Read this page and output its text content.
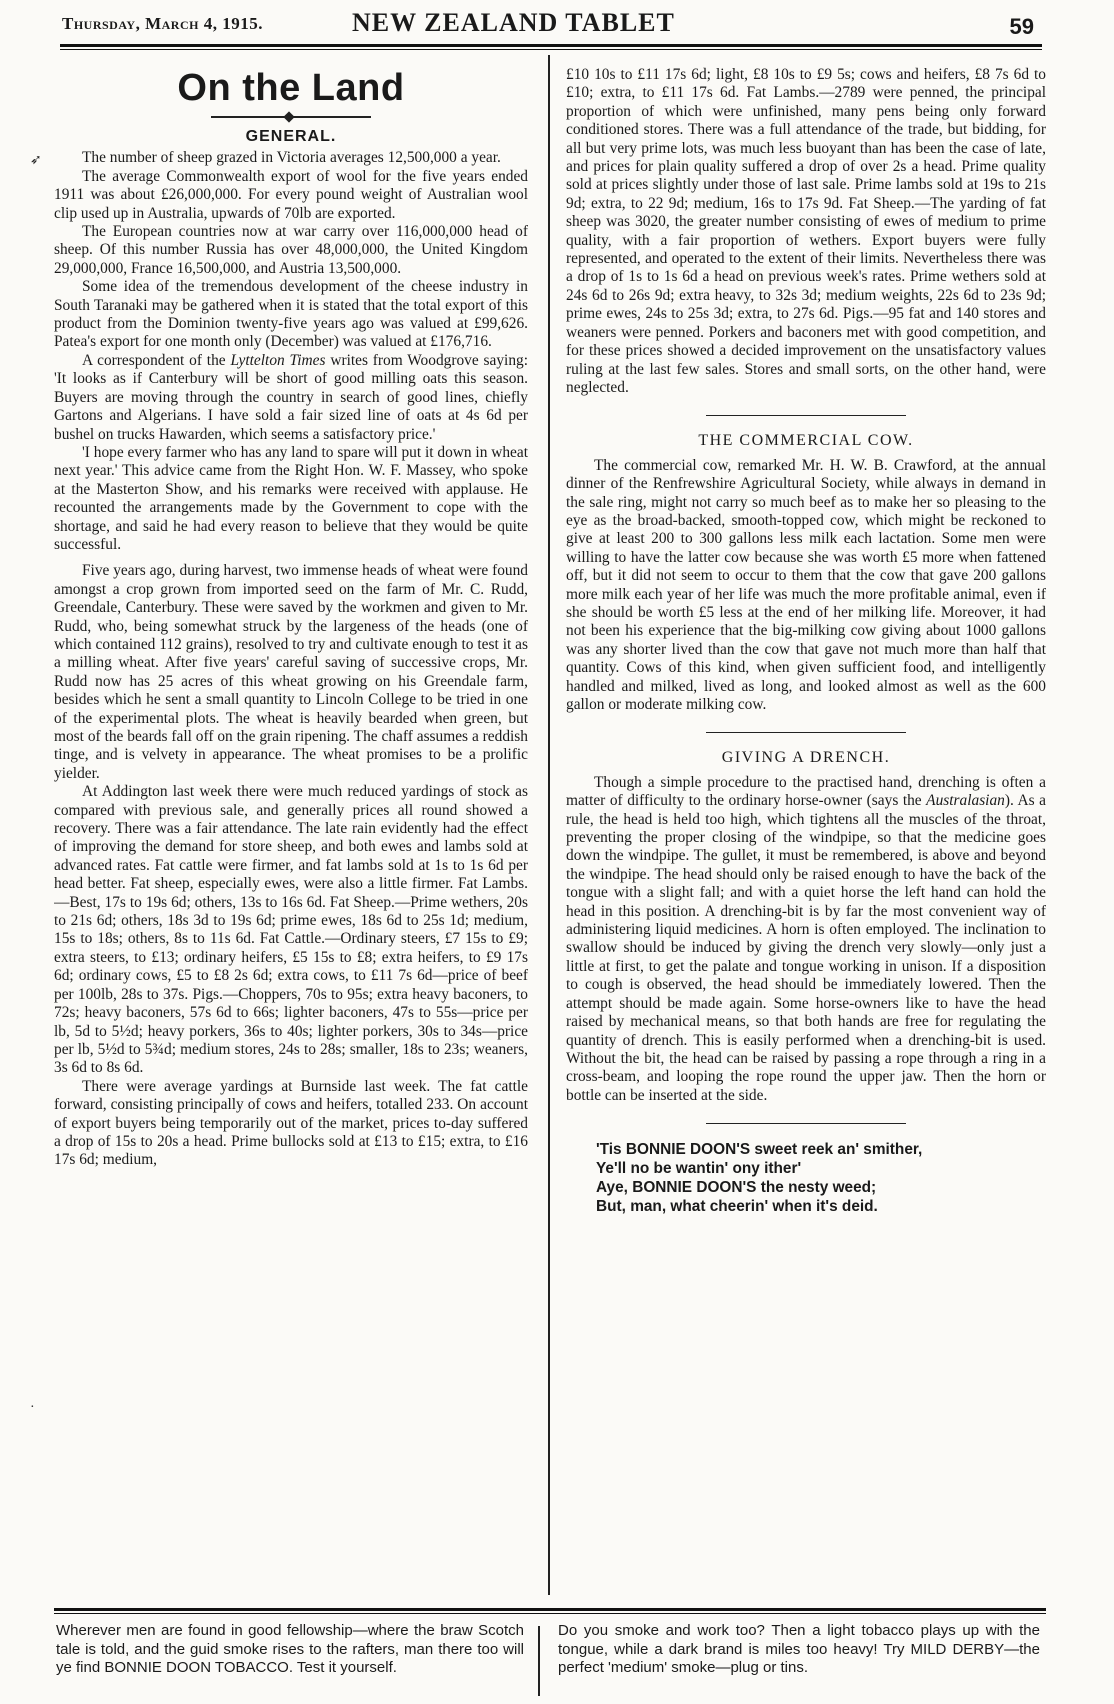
Thursday, March 4, 1915.	NEW ZEALAND TABLET	59
On the Land
GENERAL.

The number of sheep grazed in Victoria averages 12,500,000 a year.

The average Commonwealth export of wool for the five years ended 1911 was about £26,000,000. For every pound weight of Australian wool clip used up in Australia, upwards of 70lb are exported.

The European countries now at war carry over 116,000,000 head of sheep. Of this number Russia has over 48,000,000, the United Kingdom 29,000,000, France 16,500,000, and Austria 13,500,000.

Some idea of the tremendous development of the cheese industry in South Taranaki may be gathered when it is stated that the total export of this product from the Dominion twenty-five years ago was valued at £99,626. Patea's export for one month only (December) was valued at £176,716.

A correspondent of the Lyttelton Times writes from Woodgrove saying: 'It looks as if Canterbury will be short of good milling oats this season. Buyers are moving through the country in search of good lines, chiefly Gartons and Algerians. I have sold a fair sized line of oats at 4s 6d per bushel on trucks Hawarden, which seems a satisfactory price.'

'I hope every farmer who has any land to spare will put it down in wheat next year.' This advice came from the Right Hon. W. F. Massey, who spoke at the Masterton Show, and his remarks were received with applause. He recounted the arrangements made by the Government to cope with the shortage, and said he had every reason to believe that they would be quite successful.

Five years ago, during harvest, two immense heads of wheat were found amongst a crop grown from imported seed on the farm of Mr. C. Rudd, Greendale, Canterbury. These were saved by the workmen and given to Mr. Rudd, who, being somewhat struck by the largeness of the heads (one of which contained 112 grains), resolved to try and cultivate enough to test it as a milling wheat. After five years' careful saving of successive crops, Mr. Rudd now has 25 acres of this wheat growing on his Greendale farm, besides which he sent a small quantity to Lincoln College to be tried in one of the experimental plots. The wheat is heavily bearded when green, but most of the beards fall off on the grain ripening. The chaff assumes a reddish tinge, and is velvety in appearance. The wheat promises to be a prolific yielder.

At Addington last week there were much reduced yardings of stock as compared with previous sale, and generally prices all round showed a recovery. There was a fair attendance. The late rain evidently had the effect of improving the demand for store sheep, and both ewes and lambs sold at advanced rates. Fat cattle were firmer, and fat lambs sold at 1s to 1s 6d per head better. Fat sheep, especially ewes, were also a little firmer. Fat Lambs.—Best, 17s to 19s 6d; others, 13s to 16s 6d. Fat Sheep.—Prime wethers, 20s to 21s 6d; others, 18s 3d to 19s 6d; prime ewes, 18s 6d to 25s 1d; medium, 15s to 18s; others, 8s to 11s 6d. Fat Cattle.—Ordinary steers, £7 15s to £9; extra steers, to £13; ordinary heifers, £5 15s to £8; extra heifers, to £9 17s 6d; ordinary cows, £5 to £8 2s 6d; extra cows, to £11 7s 6d—price of beef per 100lb, 28s to 37s. Pigs.—Choppers, 70s to 95s; extra heavy baconers, to 72s; heavy baconers, 57s 6d to 66s; lighter baconers, 47s to 55s—price per lb, 5d to 5½d; heavy porkers, 36s to 40s; lighter porkers, 30s to 34s—price per lb, 5½d to 5¾d; medium stores, 24s to 28s; smaller, 18s to 23s; weaners, 3s 6d to 8s 6d.

There were average yardings at Burnside last week. The fat cattle forward, consisting principally of cows and heifers, totalled 233. On account of export buyers being temporarily out of the market, prices to-day suffered a drop of 15s to 20s a head. Prime bullocks sold at £13 to £15; extra, to £16 17s 6d; medium,

£10 10s to £11 17s 6d; light, £8 10s to £9 5s; cows and heifers, £8 7s 6d to £10; extra, to £11 17s 6d. Fat Lambs.—2789 were penned, the principal proportion of which were unfinished, many pens being only forward conditioned stores. There was a full attendance of the trade, but bidding, for all but very prime lots, was much less buoyant than has been the case of late, and prices for plain quality suffered a drop of over 2s a head. Prime quality sold at prices slightly under those of last sale. Prime lambs sold at 19s to 21s 9d; extra, to 22 9d; medium, 16s to 17s 9d. Fat Sheep.—The yarding of fat sheep was 3020, the greater number consisting of ewes of medium to prime quality, with a fair proportion of wethers. Export buyers were fully represented, and operated to the extent of their limits. Nevertheless there was a drop of 1s to 1s 6d a head on previous week's rates. Prime wethers sold at 24s 6d to 26s 9d; extra heavy, to 32s 3d; medium weights, 22s 6d to 23s 9d; prime ewes, 24s to 25s 3d; extra, to 27s 6d. Pigs.—95 fat and 140 stores and weaners were penned. Porkers and baconers met with good competition, and for these prices showed a decided improvement on the unsatisfactory values ruling at the last few sales. Stores and small sorts, on the other hand, were neglected.

THE COMMERCIAL COW.

The commercial cow, remarked Mr. H. W. B. Crawford, at the annual dinner of the Renfrewshire Agricultural Society, while always in demand in the sale ring, might not carry so much beef as to make her so pleasing to the eye as the broad-backed, smooth-topped cow, which might be reckoned to give at least 200 to 300 gallons less milk each lactation. Some men were willing to have the latter cow because she was worth £5 more when fattened off, but it did not seem to occur to them that the cow that gave 200 gallons more milk each year of her life was much the more profitable animal, even if she should be worth £5 less at the end of her milking life. Moreover, it had not been his experience that the big-milking cow giving about 1000 gallons was any shorter lived than the cow that gave not much more than half that quantity. Cows of this kind, when given sufficient food, and intelligently handled and milked, lived as long, and looked almost as well as the 600 gallon or moderate milking cow.

GIVING A DRENCH.

Though a simple procedure to the practised hand, drenching is often a matter of difficulty to the ordinary horse-owner (says the Australasian). As a rule, the head is held too high, which tightens all the muscles of the throat, preventing the proper closing of the windpipe, so that the medicine goes down the windpipe. The gullet, it must be remembered, is above and beyond the windpipe. The head should only be raised enough to have the back of the tongue with a slight fall; and with a quiet horse the left hand can hold the head in this position. A drenching-bit is by far the most convenient way of administering liquid medicines. A horn is often employed. The inclination to swallow should be induced by giving the drench very slowly—only just a little at first, to get the palate and tongue working in unison. If a disposition to cough is observed, the head should be immediately lowered. Then the attempt should be made again. Some horse-owners like to have the head raised by mechanical means, so that both hands are free for regulating the quantity of drench. This is easily performed when a drenching-bit is used. Without the bit, the head can be raised by passing a rope through a ring in a cross-beam, and looping the rope round the upper jaw. Then the horn or bottle can be inserted at the side.

'Tis BONNIE DOON'S sweet reek an' smither,
Ye'll no be wantin' ony ither'
Aye, BONNIE DOON'S the nesty weed;
But, man, what cheerin' when it's deid.
Wherever men are found in good fellowship—where the braw Scotch tale is told, and the guid smoke rises to the rafters, man there too will ye find BONNIE DOON TOBACCO. Test it yourself.
Do you smoke and work too? Then a light tobacco plays up with the tongue, while a dark brand is miles too heavy! Try MILD DERBY—the perfect 'medium' smoke—plug or tins.
➶
·
